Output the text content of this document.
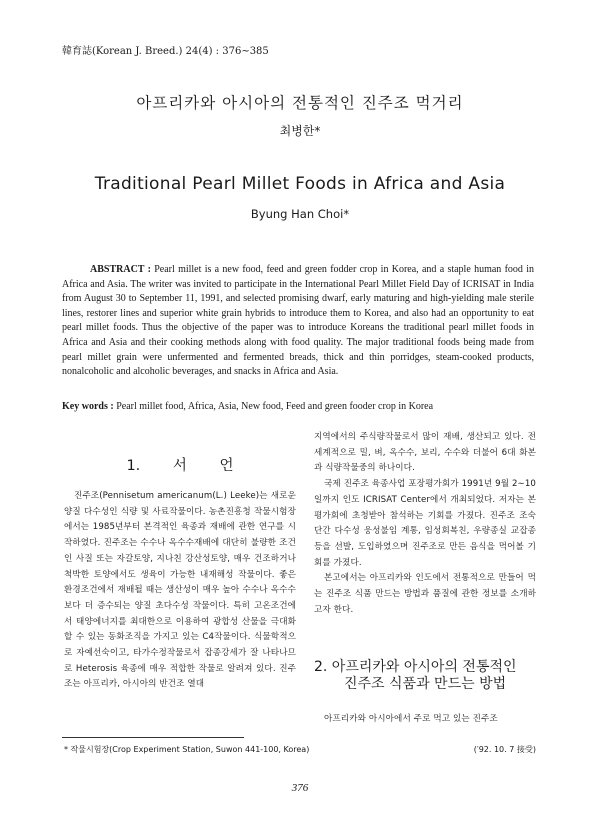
韓育誌(Korean J. Breed.) 24(4) : 376∼385
아프리카와 아시아의 전통적인 진주조 먹거리
최병한*
Traditional Pearl Millet Foods in Africa and Asia
Byung Han Choi*
ABSTRACT : Pearl millet is a new food, feed and green fodder crop in Korea, and a staple human food in Africa and Asia. The writer was invited to participate in the International Pearl Millet Field Day of ICRISAT in India from August 30 to September 11, 1991, and selected promising dwarf, early maturing and high-yielding male sterile lines, restorer lines and superior white grain hybrids to introduce them to Korea, and also had an opportunity to eat pearl millet foods. Thus the objective of the paper was to introduce Koreans the traditional pearl millet foods in Africa and Asia and their cooking methods along with food quality. The major traditional foods being made from pearl millet grain were unfermented and fermented breads, thick and thin porridges, steam-cooked products, nonalcoholic and alcoholic beverages, and snacks in Africa and Asia.
Key words : Pearl millet food, Africa, Asia, New food, Feed and green fooder crop in Korea
1. 서 언

진주조(Pennisetum americanum(L.) Leeke)는 새로운 양질 다수성인 식량 및 사료작물이다. 농촌진흥청 작물시험장에서는 1985년부터 본격적인 육종과 재배에 관한 연구를 시작하였다. 진주조는 수수나 옥수수재배에 대단히 불량한 조건인 사질 또는 자갈토양, 지나친 강산성토양, 매우 건조하거나 척박한 토양에서도 생육이 가능한 내재해성 작물이다. 좋은 환경조건에서 재배될 때는 생산성이 매우 높아 수수나 옥수수보다 더 증수되는 양질 초다수성 작물이다. 특히 고온조건에서 태양에너지를 최대한으로 이용하여 광합성 산물을 극대화 할 수 있는 동화조직을 가지고 있는 C4작물이다. 식물학적으로 자예선숙이고, 타가수정작물로서 잡종강세가 잘 나타나므로 Heterosis 육종에 매우 적합한 작물로 알려져 있다. 진주조는 아프리카, 아시아의 반건조 열대

지역에서의 주식량작물로서 많이 재배, 생산되고 있다. 전세계적으로 밀, 벼, 옥수수, 보리, 수수와 더불어 6대 화본과 식량작물중의 하나이다.

국제 진주조 육종사업 포장평가회가 1991년 9월 2∼10일까지 인도 ICRISAT Center에서 개최되었다. 저자는 본 평가회에 초청받아 참석하는 기회를 가졌다. 진주조 조숙 단간 다수성 웅성불임 계통, 임성회복친, 우량종실 교잡종 등을 선발, 도입하였으며 진주조로 만든 음식을 먹어볼 기회를 가졌다.

본고에서는 아프리카와 인도에서 전통적으로 만들어 먹는 진주조 식품 만드는 방법과 품질에 관한 정보를 소개하고자 한다.

2. 아프리카와 아시아의 전통적인
진주조 식품과 만드는 방법

아프리카와 아시아에서 주로 먹고 있는 진주조

* 작물시험장(Crop Experiment Station, Suwon 441-100, Korea)	(′92. 10. 7 接受)
376
